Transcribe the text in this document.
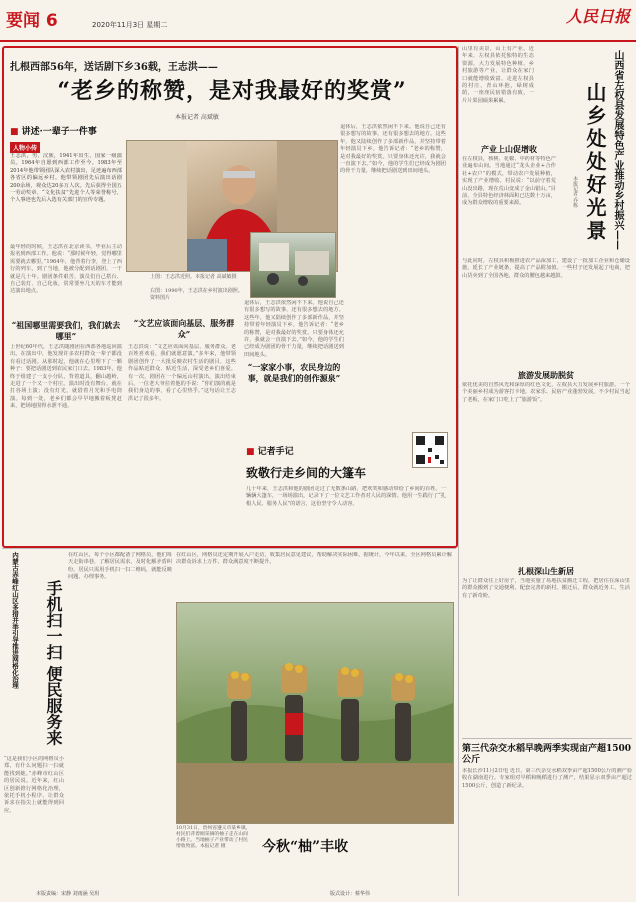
要闻 6	2020年11月3日 星期二	人民日报
扎根西部56年，送话剧下乡36载，王志洪——
“老乡的称赞，是对我最好的奖赏”
本报记者 高斌敏
■ 讲述·一辈子一件事
人物小传
王志洪，男，汉族，1941年出生，国家一级演员。1964年自愿到西部工作至今。1983年至2014年他带领团队深入农村演出，足迹遍布西部各省区的偏远乡村。他带领剧团先后演出话剧200余场，观众达20多万人次。先后获得全国五一劳动奖章、“文化扶贫”先进个人等荣誉称号，个人事迹也先后入选有关部门的宣传专题。
最年轻的时候，王志洪在北京读书，毕业后主动报名到西部工作。他说：“那时候年轻，觉得哪里需要就去哪里。”1964年，他背着行李，登上了西行的列车。到了当地，他被分配到话剧团，一干就是几十年。剧团条件艰苦，演员们自己搭台、自己装灯、自己化妆，常常要坐几天的车才能到达演出地点。
“祖国哪里需要我们，我们就去哪里”
上世纪60年代，王志洪随剧团在西部各地巡回演出。在演出中，他发现许多农村群众一辈子都没有看过话剧。从那时起，他就在心里埋下了一颗种子：要把话剧送到农民家门口去。1983年，他终于组建了一支小分队，背着道具，翻山越岭，走进了一个又一个村庄。演出时没有舞台，就在打谷场上演；没有灯光，就借着月光和手电筒演。每到一处，老乡们都会早早地搬着板凳赶来，把场地围得水泄不通。
上图：王志洪近照。本报记者 高斌敏摄
右图：1990年，王志洪在乡村演出剧照。资料图片
“文艺应该面向基层、服务群众”
王志洪说：“文艺应该面向基层、服务群众。老百姓喜欢看，我们就愿意演。”多年来，他带领剧团创作了一大批反映农村生活的剧目，这些作品贴近群众、贴近生活，深受老乡们喜爱。有一次，剧团在一个偏远山村演出，演出结束后，一位老大爷拉着他的手说：“你们演的就是我们身边的事，看了心里热乎。”这句话让王志洪记了很多年。
退休后，王志洪依然闲不下来。他说自己还有很多想写的故事，还有很多想去的地方。这些年，他又陆续创作了多部新作品，并坚持带着年轻演员下乡。他告诉记者：“老乡的称赞，是对我最好的奖赏。只要身体还允许，我就会一直演下去。”如今，他的学生们已经成为剧团的骨干力量，继续把话剧送到田间地头。
“一家家小事，农民身边的事，就是我们的创作源泉”
退休后，王志洪依然闲不下来。他说自己还有很多想写的故事，还有很多想去的地方。这些年，他又陆续创作了多部新作品，并坚持带着年轻演员下乡。他告诉记者：“老乡的称赞，是对我最好的奖赏。只要身体还允许，我就会一直演下去。”如今，他的学生们已经成为剧团的骨干力量，继续把话剧送到田间地头。
■ 记者手记
致敬行走乡间的大篷车
几十年来，王志洪和他的剧团走过了无数条山路，把欢笑和感动带给了乡间的百姓。一辆辆大篷车，一场场演出，记录下了一位文艺工作者对人民的深情。他用一生践行了“扎根人民、服务人民”的诺言，这份坚守令人动容。
山里有美景，山上有产业。近年来，左权县依托独特的生态资源，大力发展特色种植、乡村旅游等产业，让群众在家门口就能增收致富。走进左权县的村庄，青山环抱，绿树成荫，一座座民宿错落有致，一片片果园硕果累累。	山西省左权县发展特色产业推动乡村振兴——
山乡处处好光景
本报记者 乔栋
产业上山促增收
在左权县，核桃、花椒、中药材等特色产业遍布山间。当地通过“龙头企业+合作社+农户”的模式，带动农户发展种植，实现了产业增收。村民说：“以前守着荒山没出路，现在荒山变成了金山银山。”目前，全县特色经济林面积已达数十万亩，成为群众增收的重要来源。
与此同时，左权县积极推进农产品深加工，建设了一批加工企业和仓储设施，延长了产业链条，提高了产品附加值。一些村子还发展起了电商，把山货卖到了全国各地，群众的腰包越来越鼓。
旅游发展助脱贫
依托优美的自然风光和深厚的红色文化，左权县大力发展乡村旅游。一个个美丽乡村成为游客打卡地，农家乐、民宿产业蓬勃发展。不少村民当起了老板，在家门口吃上了“旅游饭”。
扎根深山生新居
为了让群众住上好房子，当地实施了易地扶贫搬迁工程，把居住在深山里的群众搬到了交通便利、配套完善的新村。搬迁后，群众就近务工，生活有了新奇盼。
第三代杂交水稻早晚两季实现亩产超1500公斤
本报长沙11月2日电 近日，第三代杂交水稻双季亩产超1500公斤的测产验收在湖南进行。专家组对早稻和晚稻进行了测产，结果显示双季亩产超过1500公斤，创造了新纪录。
内蒙古赤峰红山区多措并举引导推进网格化治理	手机扫一扫 便民服务来
“这是我们小区的网格员小郑，有什么问题扫一扫就能找到她。”赤峰市红山区的居民说。近年来，红山区创新推行网格化治理，依托手机小程序，让群众诉求在指尖上就能得到回应。
在红山区，每个小区都配备了网格员，他们每天走街串巷，了解居民需求，及时化解矛盾纠纷。居民只需用手机扫一扫二维码，就能反映问题、办理事务。
在红山区，网格员还定期开展入户走访，收集居民意见建议，帮助解决实际困难。据统计，今年以来，全区网格员累计解决群众诉求上万件，群众满意度不断提升。
10月31日，贵州省遵义市某乡镇，村民们背着刚采摘的柚子走在山间小路上。当地柚子产业带动了村民增收致富。本报记者 摄	今秋“柚”丰收
本版责编：宋静 刘雨涵 吴玥	版式设计：蔡华伟
